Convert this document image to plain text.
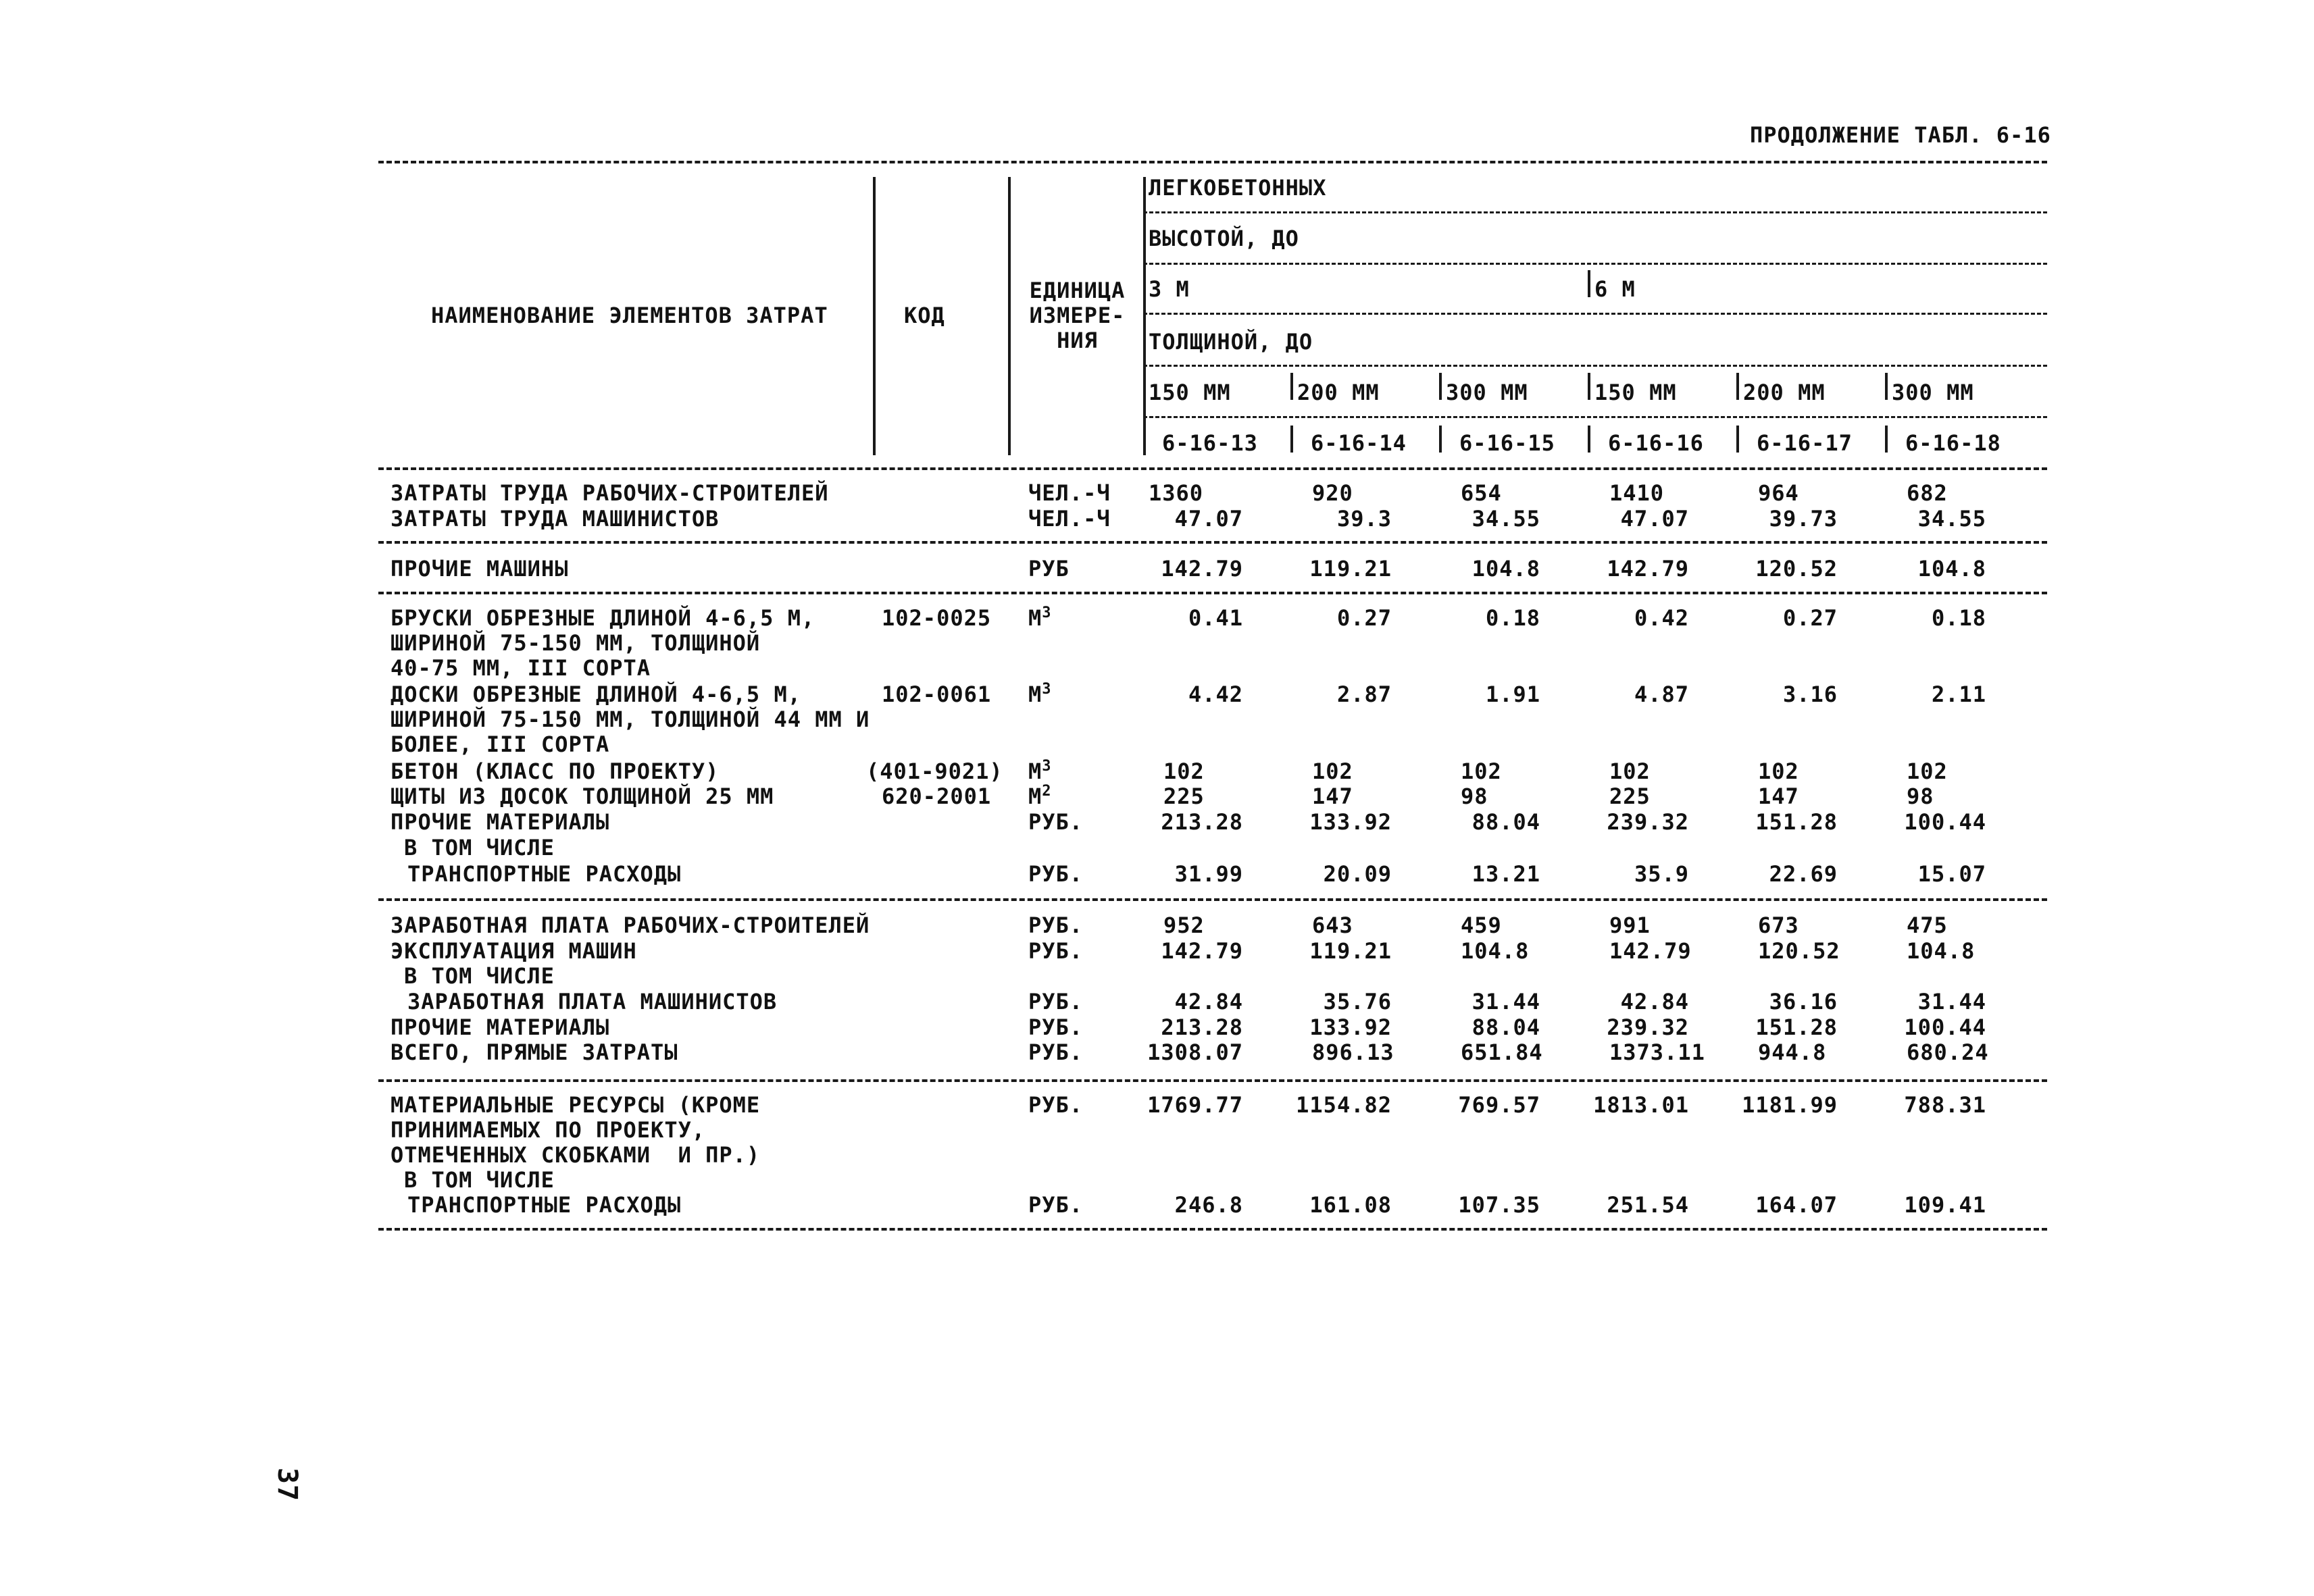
ПРОДОЛЖЕНИЕ ТАБЛ. 6-16
НАИМЕНОВАНИЕ ЭЛЕМЕНТОВ ЗАТРАТ	КОД
ЕДИНИЦА
ИЗМЕРЕ-
НИЯ
ЛЕГКОБЕТОННЫХ
ВЫСОТОЙ, ДО
3 М	6 М
ТОЛЩИНОЙ, ДО
150 ММ	200 ММ	300 ММ	150 ММ	200 ММ	300 ММ
6-16-13 6-16-14 6-16-15 6-16-16 6-16-17 6-16-18
ЗАТРАТЫ ТРУДА РАБОЧИХ-СТРОИТЕЛЕЙ	ЧЕЛ.-Ч 1360	920	654	1410	964	682
ЗАТРАТЫ ТРУДА МАШИНИСТОВ	ЧЕЛ.-Ч	47.07	39.3	34.55	47.07	39.73	34.55
ПРОЧИЕ МАШИНЫ	РУБ	142.79	119.21	104.8	142.79	120.52	104.8
БРУСКИ ОБРЕЗНЫЕ ДЛИНОЙ 4-6,5 М,
ШИРИНОЙ 75-150 ММ, ТОЛЩИНОЙ
40-75 ММ, III СОРТА
102-0025 $М^3$	0.41	0.27	0.18	0.42	0.27	0.18
ДОСКИ ОБРЕЗНЫЕ ДЛИНОЙ 4-6,5 М,
ШИРИНОЙ 75-150 ММ, ТОЛЩИНОЙ 44 ММ И
БОЛЕЕ, III СОРТА
102-0061 $М^3$	4.42	2.87	1.91	4.87	3.16	2.11
БЕТОН (КЛАСС ПО ПРОЕКТУ)	(401-9021) $М^3$	102	102	102	102	102	102
ЩИТЫ ИЗ ДОСОК ТОЛЩИНОЙ 25 ММ	620-2001 $М^2$	225	147	98	225	147	98
ПРОЧИЕ МАТЕРИАЛЫ	РУБ.	213.28	133.92	88.04	239.32	151.28	100.44
В ТОМ ЧИСЛЕ
ТРАНСПОРТНЫЕ РАСХОДЫ	РУБ.	31.99	20.09	13.21	35.9	22.69	15.07
ЗАРАБОТНАЯ ПЛАТА РАБОЧИХ-СТРОИТЕЛЕЙ	РУБ.	952	643	459	991	673	475
ЭКСПЛУАТАЦИЯ МАШИН	РУБ.	142.79	119.21	104.8	142.79	120.52	104.8
В ТОМ ЧИСЛЕ
ЗАРАБОТНАЯ ПЛАТА МАШИНИСТОВ	РУБ.	42.84	35.76	31.44	42.84	36.16	31.44
ПРОЧИЕ МАТЕРИАЛЫ	РУБ.	213.28	133.92	88.04	239.32	151.28	100.44
ВСЕГО, ПРЯМЫЕ ЗАТРАТЫ	РУБ.	1308.07	896.13	651.84	1373.11 944.8	680.24
МАТЕРИАЛЬНЫЕ РЕСУРСЫ (КРОМЕ
ПРИНИМАЕМЫХ ПО ПРОЕКТУ,
ОТМЕЧЕННЫХ СКОБКАМИ  И ПР.)
РУБ.	1769.77	1154.82	769.57	1813.01	1181.99	788.31
В ТОМ ЧИСЛЕ
ТРАНСПОРТНЫЕ РАСХОДЫ	РУБ.	246.8	161.08	107.35	251.54	164.07	109.41
37
